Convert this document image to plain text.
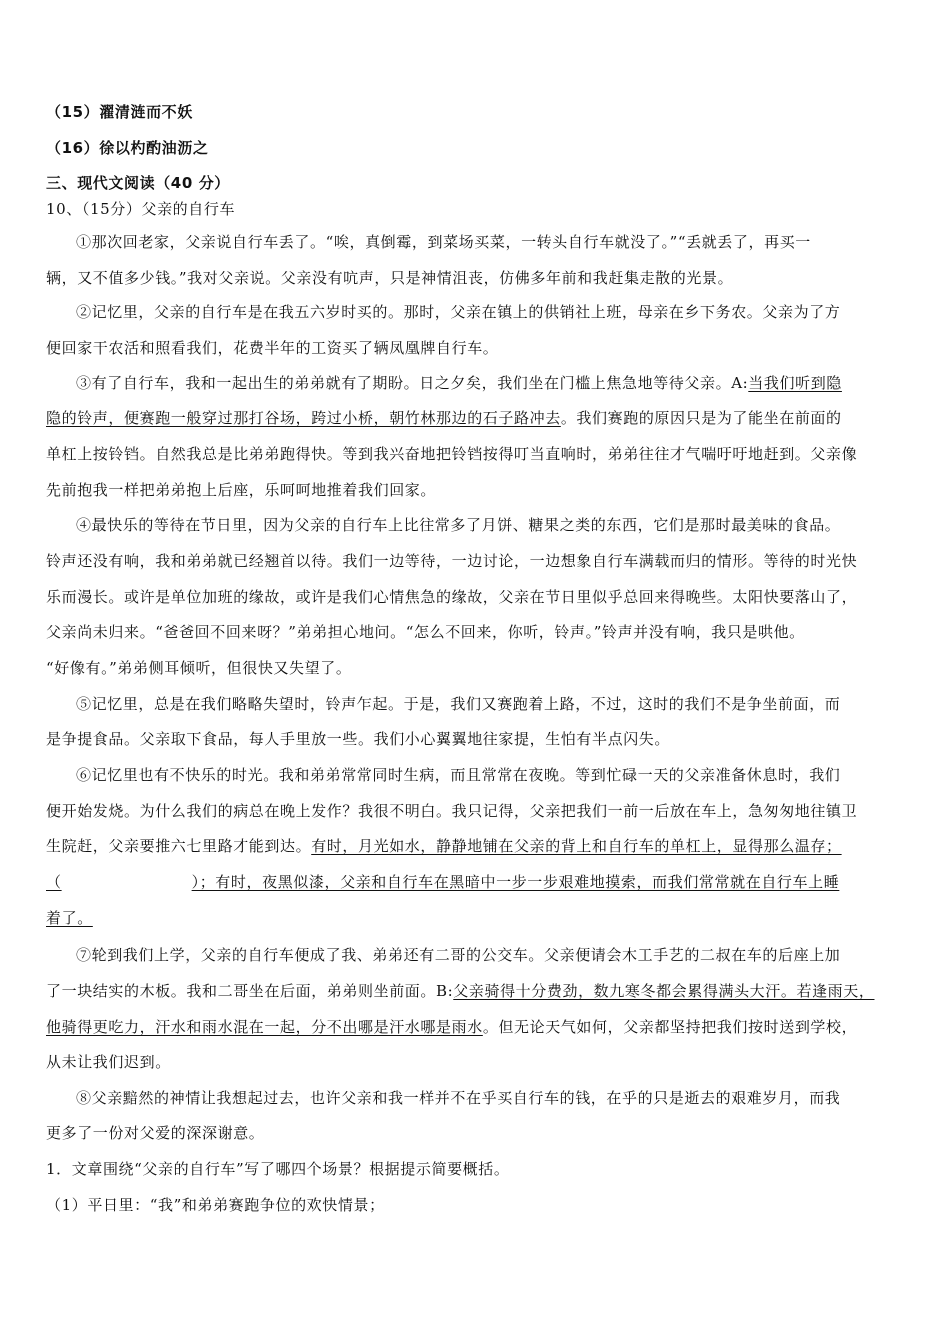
（15）濯清涟而不妖
（16）徐以杓酌油沥之
三、现代文阅读（40 分）
10、（15分）父亲的自行车
①那次回老家，父亲说自行车丢了。“唉，真倒霉，到菜场买菜，一转头自行车就没了。”“丢就丢了，再买一
辆，又不值多少钱。”我对父亲说。父亲没有吭声，只是神情沮丧，仿佛多年前和我赶集走散的光景。
②记忆里，父亲的自行车是在我五六岁时买的。那时，父亲在镇上的供销社上班，母亲在乡下务农。父亲为了方
便回家干农活和照看我们，花费半年的工资买了辆凤凰牌自行车。
③有了自行车，我和一起出生的弟弟就有了期盼。日之夕矣，我们坐在门槛上焦急地等待父亲。A:当我们听到隐
隐的铃声，便赛跑一般穿过那打谷场，跨过小桥，朝竹林那边的石子路冲去。我们赛跑的原因只是为了能坐在前面的
单杠上按铃铛。自然我总是比弟弟跑得快。等到我兴奋地把铃铛按得叮当直响时，弟弟往往才气喘吁吁地赶到。父亲像
先前抱我一样把弟弟抱上后座，乐呵呵地推着我们回家。
④最快乐的等待在节日里，因为父亲的自行车上比往常多了月饼、糖果之类的东西，它们是那时最美味的食品。
铃声还没有响，我和弟弟就已经翘首以待。我们一边等待，一边讨论，一边想象自行车满载而归的情形。等待的时光快
乐而漫长。或许是单位加班的缘故，或许是我们心情焦急的缘故，父亲在节日里似乎总回来得晚些。太阳快要落山了，
父亲尚未归来。“爸爸回不回来呀？”弟弟担心地问。“怎么不回来，你听，铃声。”铃声并没有响，我只是哄他。
“好像有。”弟弟侧耳倾听，但很快又失望了。
⑤记忆里，总是在我们略略失望时，铃声乍起。于是，我们又赛跑着上路，不过，这时的我们不是争坐前面，而
是争提食品。父亲取下食品，每人手里放一些。我们小心翼翼地往家提，生怕有半点闪失。
⑥记忆里也有不快乐的时光。我和弟弟常常同时生病，而且常常在夜晚。等到忙碌一天的父亲准备休息时，我们
便开始发烧。为什么我们的病总在晚上发作？我很不明白。我只记得，父亲把我们一前一后放在车上，急匆匆地往镇卫
生院赶，父亲要推六七里路才能到达。有时，月光如水，静静地铺在父亲的背上和自行车的单杠上，显得那么温存；
（	）；有时，夜黑似漆，父亲和自行车在黑暗中一步一步艰难地摸索，而我们常常就在自行车上睡
着了。
⑦轮到我们上学，父亲的自行车便成了我、弟弟还有二哥的公交车。父亲便请会木工手艺的二叔在车的后座上加
了一块结实的木板。我和二哥坐在后面，弟弟则坐前面。B:父亲骑得十分费劲，数九寒冬都会累得满头大汗。若逢雨天，
他骑得更吃力，汗水和雨水混在一起，分不出哪是汗水哪是雨水。但无论天气如何，父亲都坚持把我们按时送到学校，
从未让我们迟到。
⑧父亲黯然的神情让我想起过去，也许父亲和我一样并不在乎买自行车的钱，在乎的只是逝去的艰难岁月，而我
更多了一份对父爱的深深谢意。
1．文章围绕“父亲的自行车”写了哪四个场景？根据提示简要概括。
（1）平日里：“我”和弟弟赛跑争位的欢快情景；
